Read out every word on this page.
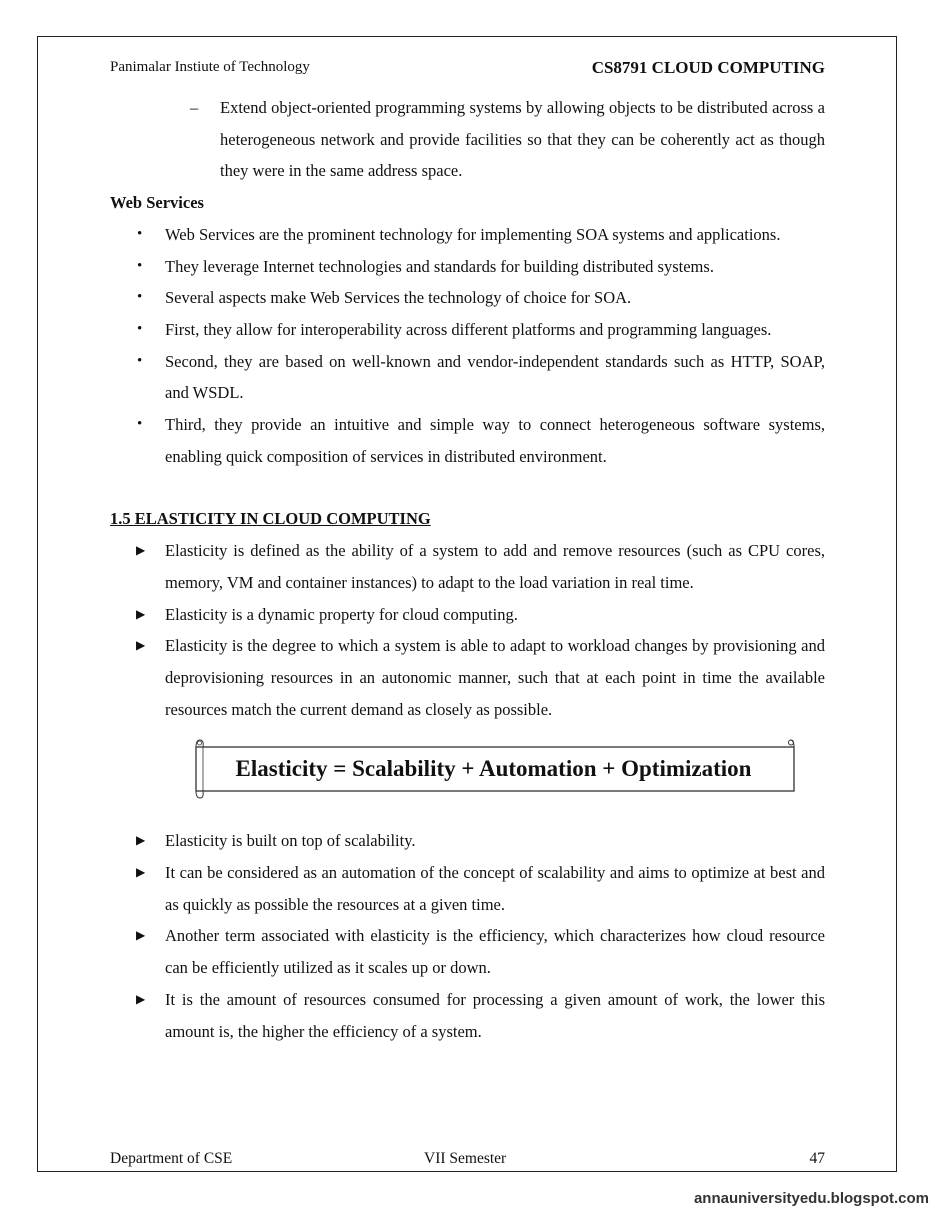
Panimalar Instiute of Technology	CS8791 CLOUD COMPUTING
– Extend object-oriented programming systems by allowing objects to be distributed across a heterogeneous network and provide facilities so that they can be coherently act as though they were in the same address space.
Web Services
• Web Services are the prominent technology for implementing SOA systems and applications.
• They leverage Internet technologies and standards for building distributed systems.
• Several aspects make Web Services the technology of choice for SOA.
• First, they allow for interoperability across different platforms and programming languages.
• Second, they are based on well-known and vendor-independent standards such as HTTP, SOAP, and WSDL.
• Third, they provide an intuitive and simple way to connect heterogeneous software systems, enabling quick composition of services in distributed environment.
1.5 ELASTICITY IN CLOUD COMPUTING
▶ Elasticity is defined as the ability of a system to add and remove resources (such as CPU cores, memory, VM and container instances) to adapt to the load variation in real time.
▶ Elasticity is a dynamic property for cloud computing.
▶ Elasticity is the degree to which a system is able to adapt to workload changes by provisioning and deprovisioning resources in an autonomic manner, such that at each point in time the available resources match the current demand as closely as possible.
Elasticity = Scalability + Automation + Optimization
▶ Elasticity is built on top of scalability.
▶ It can be considered as an automation of the concept of scalability and aims to optimize at best and as quickly as possible the resources at a given time.
▶ Another term associated with elasticity is the efficiency, which characterizes how cloud resource can be efficiently utilized as it scales up or down.
▶ It is the amount of resources consumed for processing a given amount of work, the lower this amount is, the higher the efficiency of a system.
Department of CSE	VII Semester	47
annauniversityedu.blogspot.com
